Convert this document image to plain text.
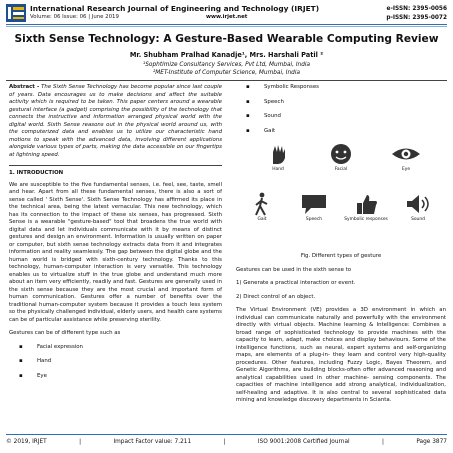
International Research Journal of Engineering and Technology (IRJET)
Volume: 06 Issue: 06 | June 2019	www.irjet.net
e-ISSN: 2395-0056
p-ISSN: 2395-0072
Sixth Sense Technology: A Gesture-Based Wearable Computing Review
Mr. Shubham Pralhad Kanadje¹, Mrs. Harshali Patil ²
¹Sophtimize Consultancy Services, Pvt Ltd, Mumbai, India
²MET-Institute of Computer Science, Mumbai, India

Abstract - The Sixth Sense Technology has become popular since last couple of years. Data encourages us to make decisions and affect the suitable activity which is required to be taken. This paper centers around a wearable gestural interface (a gadget) comprising the possibility of the technology that connects the instructive and information arranged physical world with the digital world. Sixth Sense reasons out in the physical world around us, with the computerized data and enables us to utilize our characteristic hand motions to speak with the advanced data, involving different applications alongside various types of parts, making the data accessible on our fingertips at lightning speed.

1. INTRODUCTION

We are susceptible to the five fundamental senses, i.e. feel, see, taste, smell and hear. Apart from all these fundamental senses, there is also a sort of sense called ' Sixth Sense'. Sixth Sense Technology has affirmed its place in the technical area, being the latest vernacular. This new technology, which has its connection to the impact of these six senses, has progressed. Sixth Sense is a wearable "gesture-based" tool that broadens the true world with digital data and let individuals communicate with it by means of distinct gestures and design an environment. Information is usually written on paper or computer, but sixth sense technology extracts data from it and integrates information and reality seamlessly. The gap between the digital globe and the human world is bridged with sixth-century technology. Thanks to this technology, human-computer interaction is very versatile. This technology enables us to virtualize stuff in the true globe and understand much more about an item very efficiently, readily and fast. Gestures are generally used in the sixth sense because they are the most crucial and important form of human communication. Gestures offer a number of benefits over the traditional human-computer system because it provides a touch less system so the physically challenged individual, elderly users, and health care systems can be of particular assistance while preserving sterility.

Gestures can be of different type such as

▪ Facial expression
▪ Hand
▪ Eye
▪ Symbolic Responses
▪ Speech
▪ Sound
▪ Gait
Hand	Facial	Eye
Gait	Speech	Symbolic responses	Sound
Fig. Different types of gesture

Gestures can be used in the sixth sense to

1) Generate a practical interaction or event.

2) Direct control of an object.

The Virtual Environment (VE) provides a 3D environment in which an individual can communicate naturally and powerfully with the environment directly with virtual objects. Machine learning & Intelligence: Combines a broad range of sophisticated technology to provide machines with the capacity to learn, adapt, make choices and display behaviours. Some of the intelligence functions, such as neural, expert systems and self-organizing maps, are elements of a plug-in- they learn and control very high-quality procedures. Other features, including Fuzzy Logic, Bayes Theorem, and Genetic Algorithms, are building blocks-often offer advanced reasoning and analytical capabilities used in other machine- sensing components. The capacities of machine intelligence add strong analytical, individualization, self-healing and adaptive. It is also central to several sophisticated data mining and knowledge discovery departments in Scianta.

© 2019, IRJET	|	Impact Factor value: 7.211	|	ISO 9001:2008 Certified Journal	|	Page 3877
